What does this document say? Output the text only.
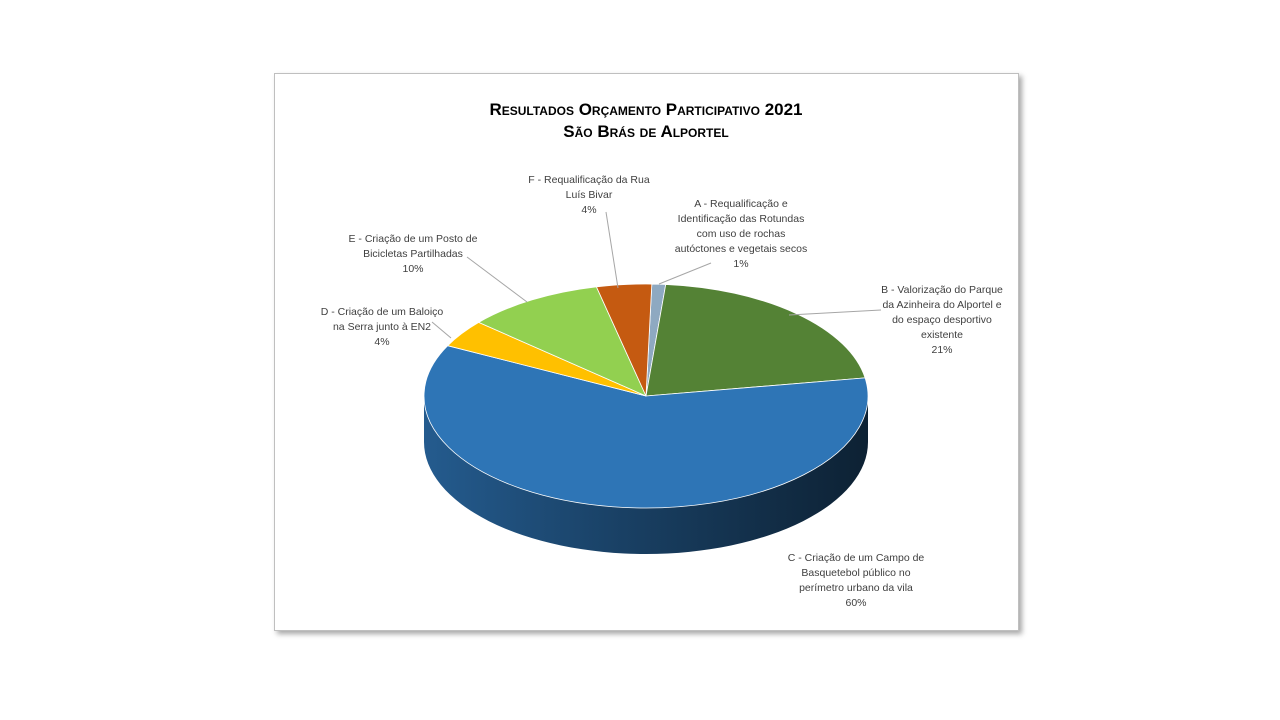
Resultados Orçamento Participativo 2021
São Brás de Alportel
A - Requalificação e Identificação das Rotundas com uso de rochas autóctones e vegetais secos 1%
B - Valorização do Parque da Azinheira do Alportel e do espaço desportivo existente 21%
C - Criação de um Campo de Basquetebol público no perímetro urbano da vila 60%
D - Criação de um Baloiço na Serra junto à EN2 4%
E - Criação de um Posto de Bicicletas Partilhadas 10%
F - Requalificação da Rua Luís Bivar 4%
